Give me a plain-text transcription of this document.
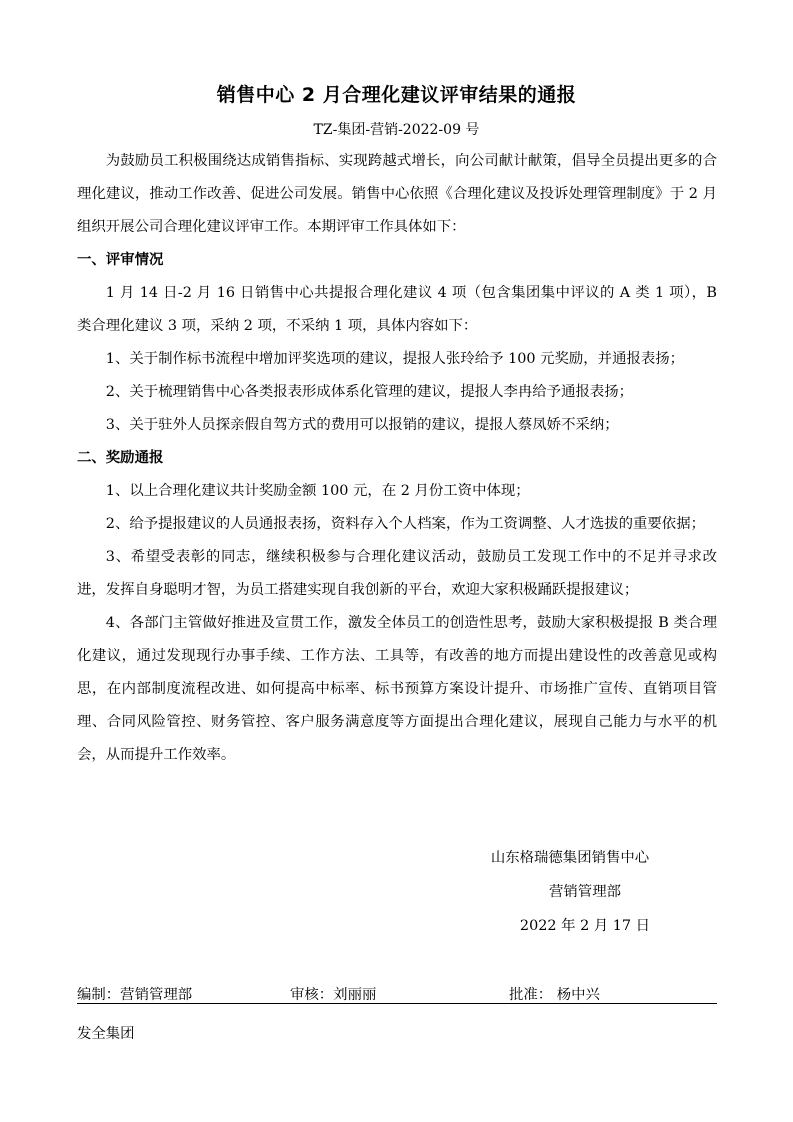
销售中心 2 月合理化建议评审结果的通报
TZ-集团-营销-2022-09 号

为鼓励员工积极围绕达成销售指标、实现跨越式增长，向公司献计献策，倡导全员提出更多的合理化建议，推动工作改善、促进公司发展。销售中心依照《合理化建议及投诉处理管理制度》于 2 月组织开展公司合理化建议评审工作。本期评审工作具体如下：

一、评审情况

1 月 14 日-2 月 16 日销售中心共提报合理化建议 4 项（包含集团集中评议的 A 类 1 项），B 类合理化建议 3 项，采纳 2 项，不采纳 1 项，具体内容如下：

1、关于制作标书流程中增加评奖选项的建议，提报人张玲给予 100 元奖励，并通报表扬；

2、关于梳理销售中心各类报表形成体系化管理的建议，提报人李冉给予通报表扬；

3、关于驻外人员探亲假自驾方式的费用可以报销的建议，提报人蔡凤娇不采纳；

二、奖励通报

1、以上合理化建议共计奖励金额 100 元，在 2 月份工资中体现；

2、给予提报建议的人员通报表扬，资料存入个人档案，作为工资调整、人才选拔的重要依据；

3、希望受表彰的同志，继续积极参与合理化建议活动，鼓励员工发现工作中的不足并寻求改进，发挥自身聪明才智，为员工搭建实现自我创新的平台，欢迎大家积极踊跃提报建议；

4、各部门主管做好推进及宣贯工作，激发全体员工的创造性思考，鼓励大家积极提报 B 类合理化建议，通过发现现行办事手续、工作方法、工具等，有改善的地方而提出建设性的改善意见或构思，在内部制度流程改进、如何提高中标率、标书预算方案设计提升、市场推广宣传、直销项目管理、合同风险管控、财务管控、客户服务满意度等方面提出合理化建议，展现自己能力与水平的机会，从而提升工作效率。

山东格瑞德集团销售中心
营销管理部
2022 年 2 月 17 日
编制：营销管理部	审核：刘丽丽	批准： 杨中兴
发全集团
